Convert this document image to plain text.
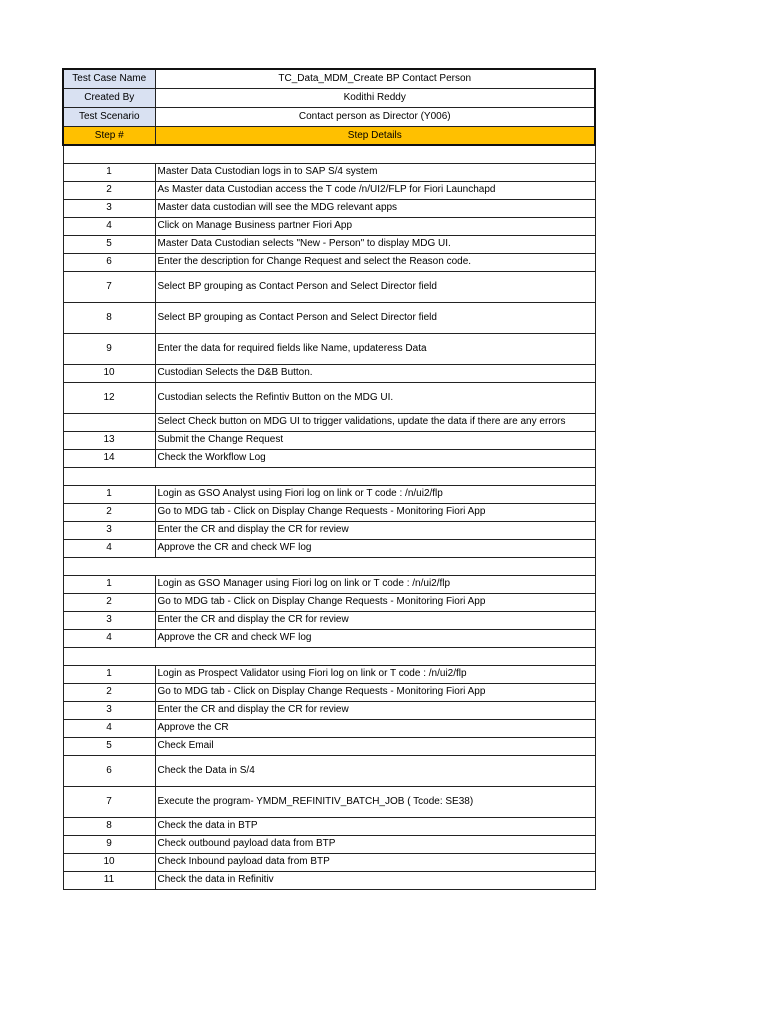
Test Case Name	TC_Data_MDM_Create BP Contact Person
Created By	Kodithi Reddy
Test Scenario	Contact person as Director (Y006)
Step #	Step Details

1	Master Data Custodian logs in to SAP S/4 system
2	As Master data Custodian access the T code /n/UI2/FLP for Fiori Launchapd
3	Master data custodian will see the MDG relevant apps
4	Click on Manage Business partner Fiori App
5	Master Data Custodian selects "New - Person" to display MDG UI.
6	Enter the description for Change Request and select the Reason code.
7	Select BP grouping as Contact Person and Select Director field
8	Select BP grouping as Contact Person and Select Director field
9	Enter the data for required fields like Name, updateress Data
10	Custodian Selects the D&B Button.
12	Custodian selects the Refintiv Button on the MDG UI.
	Select Check button on MDG UI to trigger validations, update the data if there are any errors
13	Submit the Change Request
14	Check the Workflow Log

1	Login as GSO Analyst using Fiori log on link or T code : /n/ui2/flp
2	Go to MDG tab - Click on Display Change Requests - Monitoring Fiori App
3	Enter the CR and display the CR for review
4	Approve the CR and check WF log

1	Login as GSO Manager using Fiori log on link or T code : /n/ui2/flp
2	Go to MDG tab - Click on Display Change Requests - Monitoring Fiori App
3	Enter the CR and display the CR for review
4	Approve the CR and check WF log

1	Login as Prospect Validator using Fiori log on link or T code : /n/ui2/flp
2	Go to MDG tab - Click on Display Change Requests - Monitoring Fiori App
3	Enter the CR and display the CR for review
4	Approve the CR
5	Check Email
6	Check the Data in S/4
7	Execute the program- YMDM_REFINITIV_BATCH_JOB ( Tcode: SE38)
8	Check the data in BTP
9	Check outbound payload data from BTP
10	Check Inbound payload data from BTP
11	Check the data in Refinitiv
